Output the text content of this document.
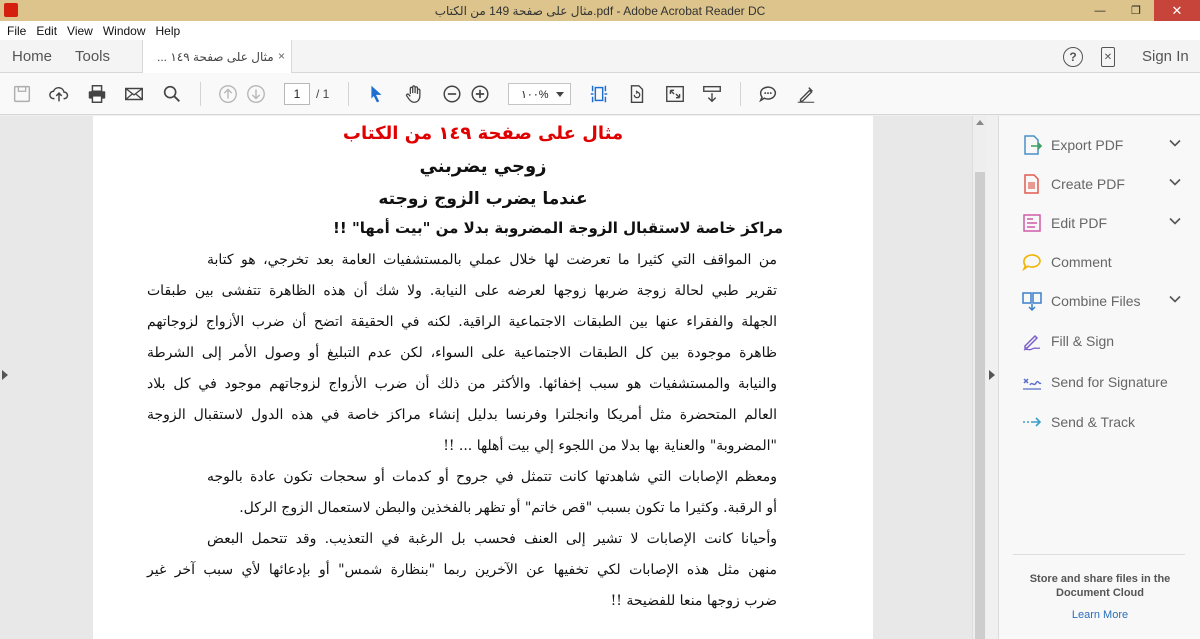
مثال على صفحة 149 من الكتاب.pdf - Adobe Acrobat Reader DC	—	❐	✕
File Edit View Window Help
Home Tools	مثال على صفحة ١٤٩ ... ×	?	✕ Sign In
1	/ 1	١٠٠%
مثال على صفحة ١٤٩ من الكتاب
زوجي يضربني
عندما يضرب الزوج زوجته
مراكز خاصة لاستقبال الزوجة المضروبة بدلا من "بيت أمها" !!
من المواقف التي كثيرا ما تعرضت لها خلال عملي بالمستشفيات العامة بعد تخرجي، هو كتابة
تقرير طبي لحالة زوجة ضربها زوجها لعرضه على النيابة. ولا شك أن هذه الظاهرة تتفشى بين طبقات
الجهلة والفقراء عنها بين الطبقات الاجتماعية الراقية. لكنه في الحقيقة اتضح أن ضرب الأزواج لزوجاتهم
ظاهرة موجودة بين كل الطبقات الاجتماعية على السواء، لكن عدم التبليغ أو وصول الأمر إلى الشرطة
والنيابة والمستشفيات هو سبب إخفائها. والأكثر من ذلك أن ضرب الأزواج لزوجاتهم موجود في كل بلاد
العالم المتحضرة مثل أمريكا وانجلترا وفرنسا بدليل إنشاء مراكز خاصة في هذه الدول لاستقبال الزوجة
"المضروبة" والعناية بها بدلا من اللجوء إلي بيت أهلها ... !!
ومعظم الإصابات التي شاهدتها كانت تتمثل في جروح أو كدمات أو سحجات تكون عادة بالوجه
أو الرقبة. وكثيرا ما تكون بسبب "قص خاتم" أو تظهر بالفخذين والبطن لاستعمال الزوج الركل.
وأحيانا كانت الإصابات لا تشير إلى العنف فحسب بل الرغبة في التعذيب. وقد تتحمل البعض
منهن مثل هذه الإصابات لكي تخفيها عن الآخرين ربما "بنظارة شمس" أو بإدعائها لأي سبب آخر غير
ضرب زوجها منعا للفضيحة !!
Export PDF
Create PDF
Edit PDF
Comment
Combine Files
Fill & Sign
Send for Signature
Send & Track
Store and share files in the Document Cloud
Learn More
